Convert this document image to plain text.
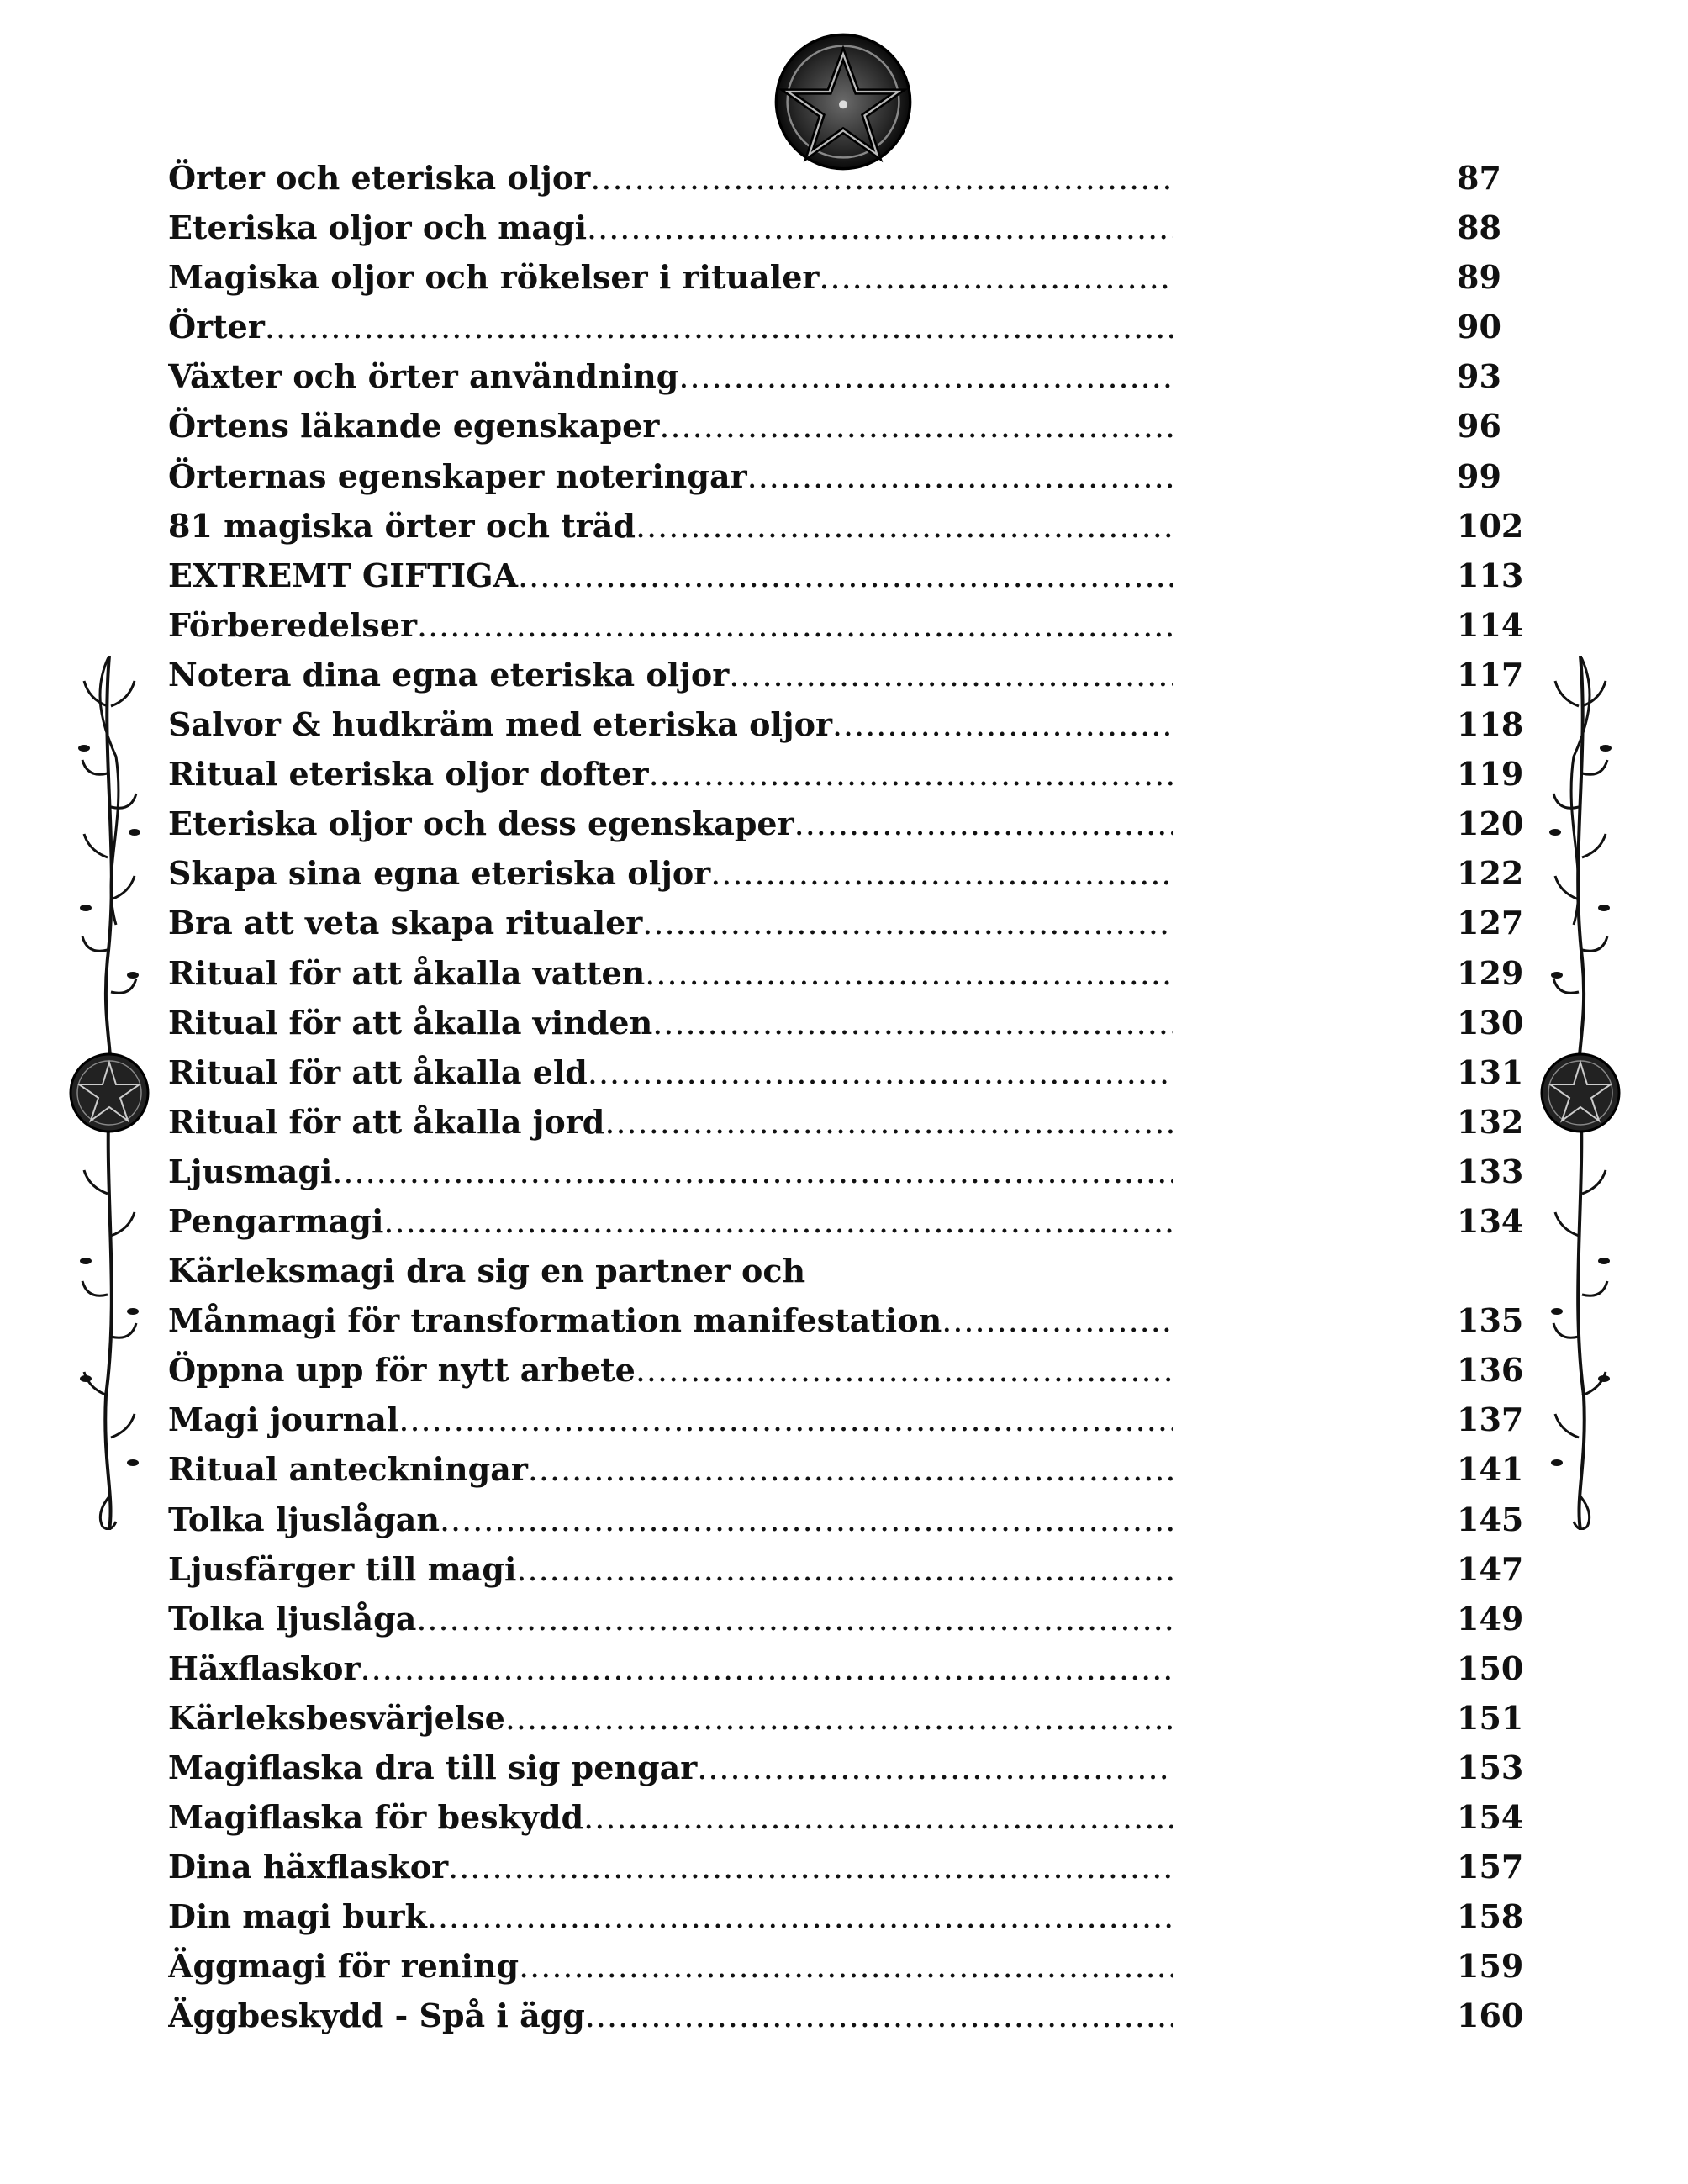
Örter och eteriska oljor .....	87
Eteriska oljor och magi .....	88
Magiska oljor och rökelser i ritualer .....	89
Örter .....	90
Växter och örter användning .....	93
Örtens läkande egenskaper .....	96
Örternas egenskaper noteringar .....	99
81 magiska örter och träd .....	102
EXTREMT GIFTIGA .....	113
Förberedelser .....	114
Notera dina egna eteriska oljor .....	117
Salvor & hudkräm med eteriska oljor .....	118
Ritual eteriska oljor dofter .....	119
Eteriska oljor och dess egenskaper .....	120
Skapa sina egna eteriska oljor .....	122
Bra att veta skapa ritualer .....	127
Ritual för att åkalla vatten .....	129
Ritual för att åkalla vinden .....	130
Ritual för att åkalla eld .....	131
Ritual för att åkalla jord .....	132
Ljusmagi .....	133
Pengarmagi .....	134
Kärleksmagi dra sig en partner och
Månmagi för transformation manifestation .....	135
Öppna upp för nytt arbete .....	136
Magi journal .....	137
Ritual anteckningar .....	141
Tolka ljuslågan .....	145
Ljusfärger till magi .....	147
Tolka ljuslåga .....	149
Häxflaskor .....	150
Kärleksbesvärjelse .....	151
Magiflaska dra till sig pengar .....	153
Magiflaska för beskydd .....	154
Dina häxflaskor .....	157
Din magi burk .....	158
Äggmagi för rening .....	159
Äggbeskydd - Spå i ägg .....	160
